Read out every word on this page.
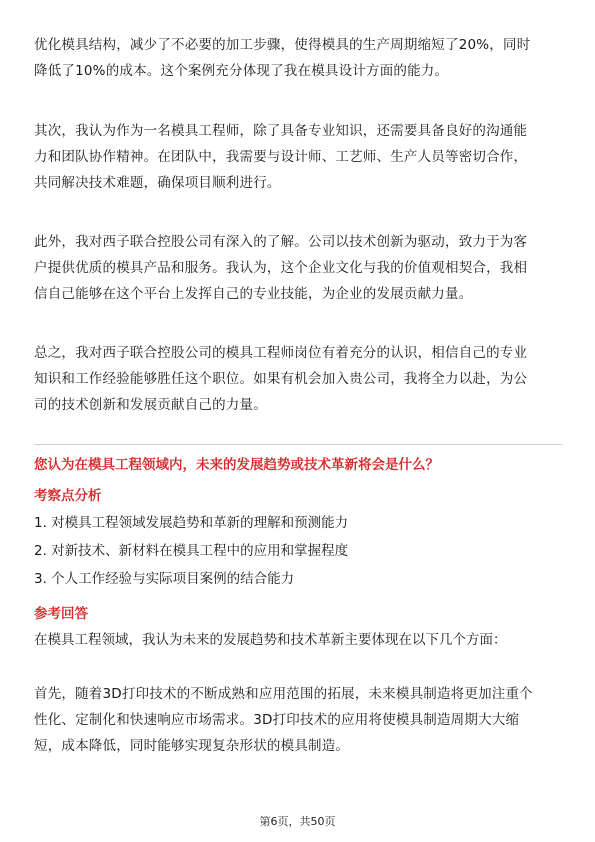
优化模具结构，减少了不必要的加工步骤，使得模具的生产周期缩短了20%，同时
降低了10%的成本。这个案例充分体现了我在模具设计方面的能力。
其次，我认为作为一名模具工程师，除了具备专业知识，还需要具备良好的沟通能
力和团队协作精神。在团队中，我需要与设计师、工艺师、生产人员等密切合作，
共同解决技术难题，确保项目顺利进行。
此外，我对西子联合控股公司有深入的了解。公司以技术创新为驱动，致力于为客
户提供优质的模具产品和服务。我认为，这个企业文化与我的价值观相契合，我相
信自己能够在这个平台上发挥自己的专业技能，为企业的发展贡献力量。
总之，我对西子联合控股公司的模具工程师岗位有着充分的认识，相信自己的专业
知识和工作经验能够胜任这个职位。如果有机会加入贵公司，我将全力以赴，为公
司的技术创新和发展贡献自己的力量。
您认为在模具工程领域内，未来的发展趋势或技术革新将会是什么？
考察点分析
1. 对模具工程领域发展趋势和革新的理解和预测能力
2. 对新技术、新材料在模具工程中的应用和掌握程度
3. 个人工作经验与实际项目案例的结合能力
参考回答
在模具工程领域，我认为未来的发展趋势和技术革新主要体现在以下几个方面：
首先，随着3D打印技术的不断成熟和应用范围的拓展，未来模具制造将更加注重个
性化、定制化和快速响应市场需求。3D打印技术的应用将使模具制造周期大大缩
短，成本降低，同时能够实现复杂形状的模具制造。
第6页，共50页
